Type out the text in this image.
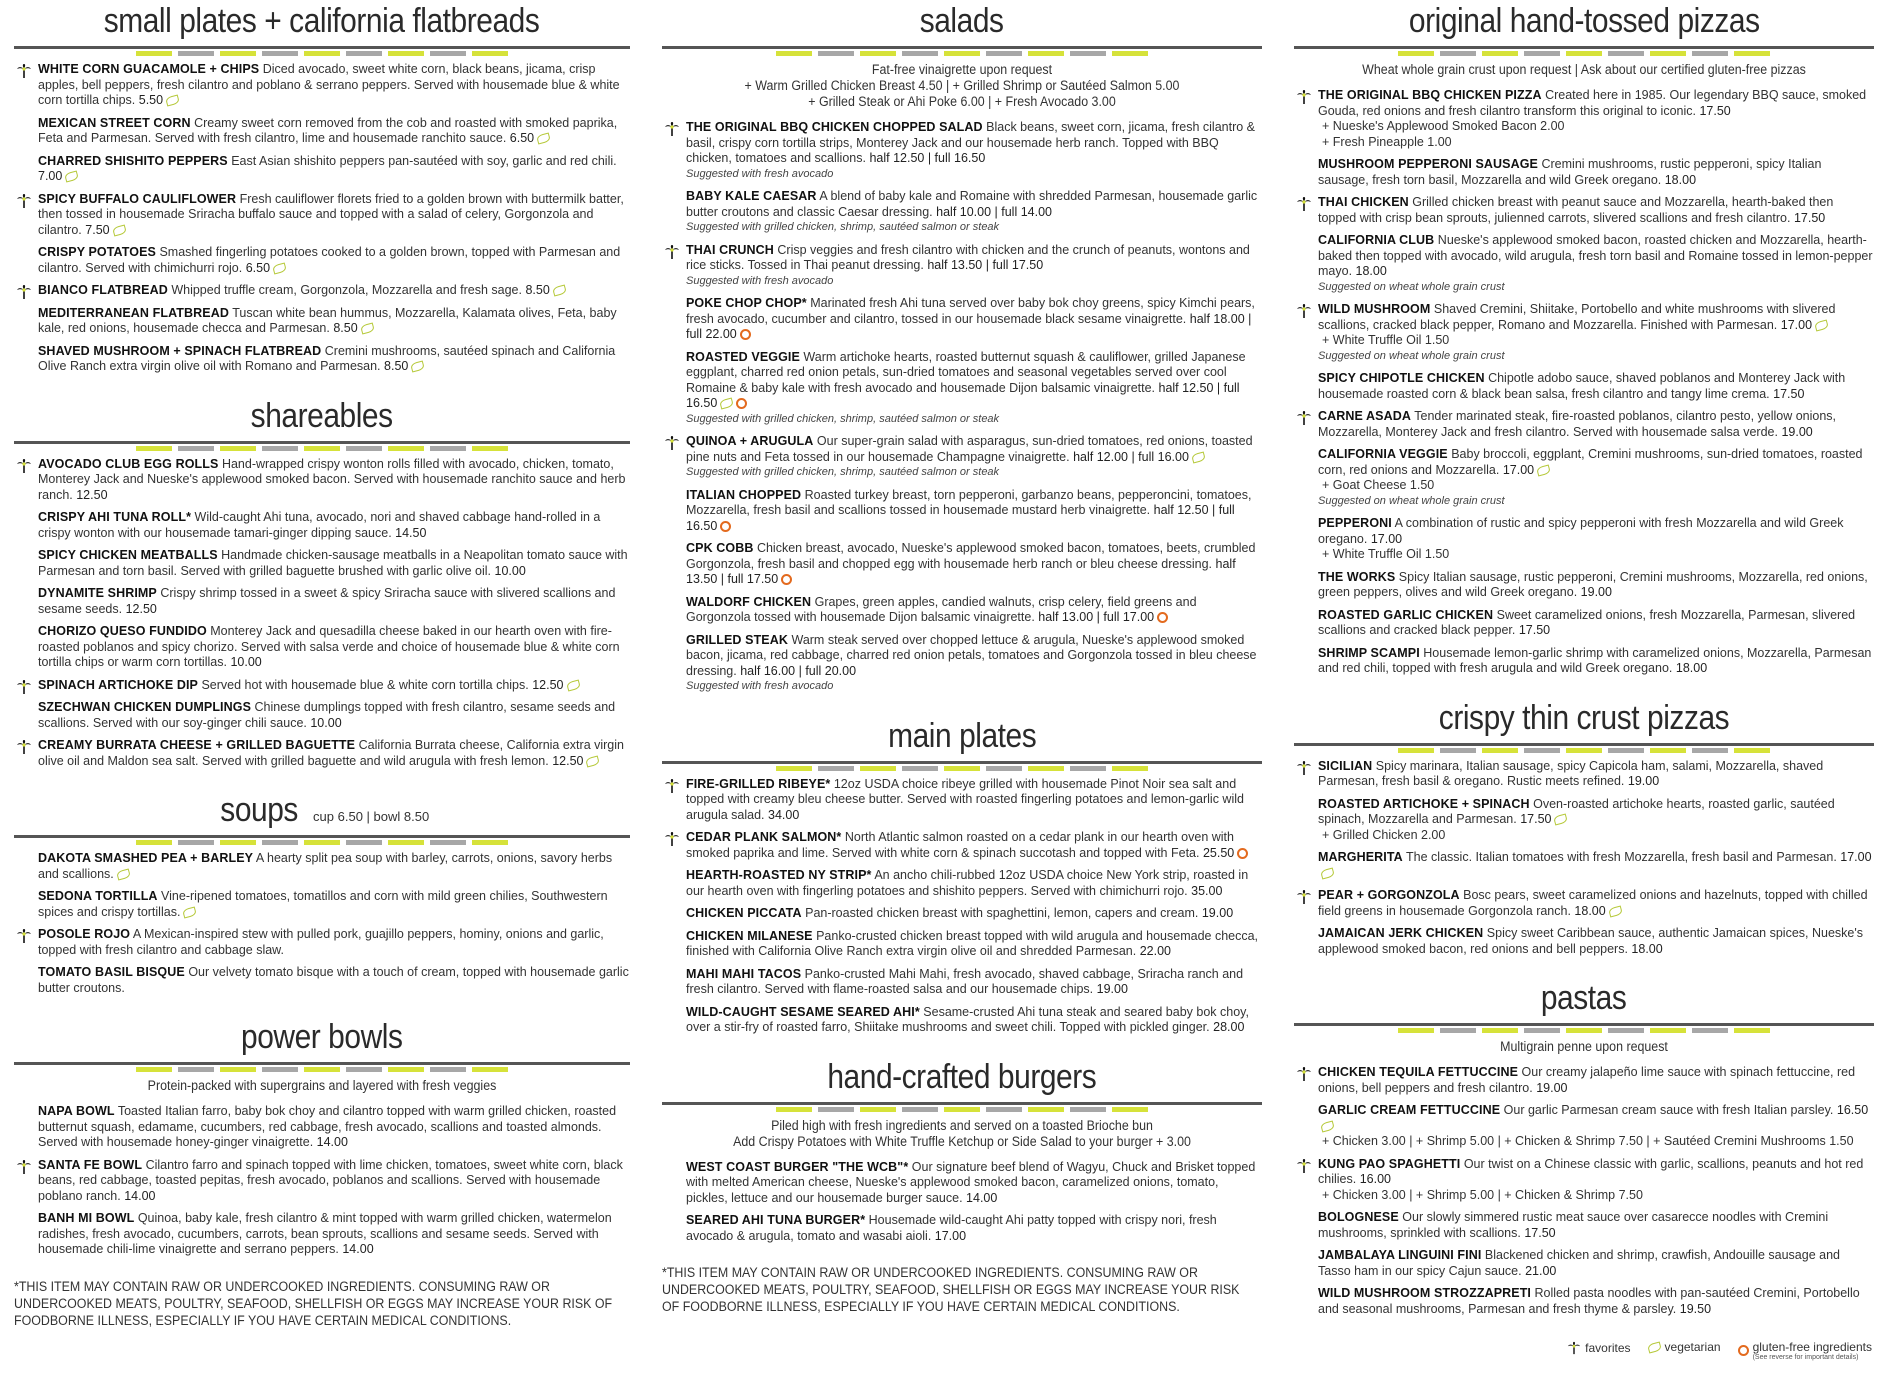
small plates + california flatbreads
WHITE CORN GUACAMOLE + CHIPS Diced avocado, sweet white corn, black beans, jicama, crisp apples, bell peppers, fresh cilantro and poblano & serrano peppers. Served with housemade blue & white corn tortilla chips. 5.50
MEXICAN STREET CORN Creamy sweet corn removed from the cob and roasted with smoked paprika, Feta and Parmesan. Served with fresh cilantro, lime and housemade ranchito sauce. 6.50
CHARRED SHISHITO PEPPERS East Asian shishito peppers pan-sautéed with soy, garlic and red chili. 7.00
SPICY BUFFALO CAULIFLOWER Fresh cauliflower florets fried to a golden brown with buttermilk batter, then tossed in housemade Sriracha buffalo sauce and topped with a salad of celery, Gorgonzola and cilantro. 7.50
CRISPY POTATOES Smashed fingerling potatoes cooked to a golden brown, topped with Parmesan and cilantro. Served with chimichurri rojo. 6.50
BIANCO FLATBREAD Whipped truffle cream, Gorgonzola, Mozzarella and fresh sage. 8.50
MEDITERRANEAN FLATBREAD Tuscan white bean hummus, Mozzarella, Kalamata olives, Feta, baby kale, red onions, housemade checca and Parmesan. 8.50
SHAVED MUSHROOM + SPINACH FLATBREAD Cremini mushrooms, sautéed spinach and California Olive Ranch extra virgin olive oil with Romano and Parmesan. 8.50
shareables
AVOCADO CLUB EGG ROLLS Hand-wrapped crispy wonton rolls filled with avocado, chicken, tomato, Monterey Jack and Nueske's applewood smoked bacon. Served with housemade ranchito sauce and herb ranch. 12.50
CRISPY AHI TUNA ROLL* Wild-caught Ahi tuna, avocado, nori and shaved cabbage hand-rolled in a crispy wonton with our housemade tamari-ginger dipping sauce. 14.50
SPICY CHICKEN MEATBALLS Handmade chicken-sausage meatballs in a Neapolitan tomato sauce with Parmesan and torn basil. Served with grilled baguette brushed with garlic olive oil. 10.00
DYNAMITE SHRIMP Crispy shrimp tossed in a sweet & spicy Sriracha sauce with slivered scallions and sesame seeds. 12.50
CHORIZO QUESO FUNDIDO Monterey Jack and quesadilla cheese baked in our hearth oven with fire-roasted poblanos and spicy chorizo. Served with salsa verde and choice of housemade blue & white corn tortilla chips or warm corn tortillas. 10.00
SPINACH ARTICHOKE DIP Served hot with housemade blue & white corn tortilla chips. 12.50
SZECHWAN CHICKEN DUMPLINGS Chinese dumplings topped with fresh cilantro, sesame seeds and scallions. Served with our soy-ginger chili sauce. 10.00
CREAMY BURRATA CHEESE + GRILLED BAGUETTE California Burrata cheese, California extra virgin olive oil and Maldon sea salt. Served with grilled baguette and wild arugula with fresh lemon. 12.50
soups cup 6.50 | bowl 8.50
DAKOTA SMASHED PEA + BARLEY A hearty split pea soup with barley, carrots, onions, savory herbs and scallions.
SEDONA TORTILLA Vine-ripened tomatoes, tomatillos and corn with mild green chilies, Southwestern spices and crispy tortillas.
POSOLE ROJO A Mexican-inspired stew with pulled pork, guajillo peppers, hominy, onions and garlic, topped with fresh cilantro and cabbage slaw.
TOMATO BASIL BISQUE Our velvety tomato bisque with a touch of cream, topped with housemade garlic butter croutons.
power bowls
Protein-packed with supergrains and layered with fresh veggies
NAPA BOWL Toasted Italian farro, baby bok choy and cilantro topped with warm grilled chicken, roasted butternut squash, edamame, cucumbers, red cabbage, fresh avocado, scallions and toasted almonds. Served with housemade honey-ginger vinaigrette. 14.00
SANTA FE BOWL Cilantro farro and spinach topped with lime chicken, tomatoes, sweet white corn, black beans, red cabbage, toasted pepitas, fresh avocado, poblanos and scallions. Served with housemade poblano ranch. 14.00
BANH MI BOWL Quinoa, baby kale, fresh cilantro & mint topped with warm grilled chicken, watermelon radishes, fresh avocado, cucumbers, carrots, bean sprouts, scallions and sesame seeds. Served with housemade chili-lime vinaigrette and serrano peppers. 14.00
*THIS ITEM MAY CONTAIN RAW OR UNDERCOOKED INGREDIENTS. CONSUMING RAW OR UNDERCOOKED MEATS, POULTRY, SEAFOOD, SHELLFISH OR EGGS MAY INCREASE YOUR RISK OF FOODBORNE ILLNESS, ESPECIALLY IF YOU HAVE CERTAIN MEDICAL CONDITIONS.
salads
Fat-free vinaigrette upon request
+ Warm Grilled Chicken Breast 4.50 | + Grilled Shrimp or Sautéed Salmon 5.00
+ Grilled Steak or Ahi Poke 6.00 | + Fresh Avocado 3.00
THE ORIGINAL BBQ CHICKEN CHOPPED SALAD Black beans, sweet corn, jicama, fresh cilantro & basil, crispy corn tortilla strips, Monterey Jack and our housemade herb ranch. Topped with BBQ chicken, tomatoes and scallions. half 12.50 | full 16.50
Suggested with fresh avocado
BABY KALE CAESAR A blend of baby kale and Romaine with shredded Parmesan, housemade garlic butter croutons and classic Caesar dressing. half 10.00 | full 14.00
Suggested with grilled chicken, shrimp, sautéed salmon or steak
THAI CRUNCH Crisp veggies and fresh cilantro with chicken and the crunch of peanuts, wontons and rice sticks. Tossed in Thai peanut dressing. half 13.50 | full 17.50
Suggested with fresh avocado
POKE CHOP CHOP* Marinated fresh Ahi tuna served over baby bok choy greens, spicy Kimchi pears, fresh avocado, cucumber and cilantro, tossed in our housemade black sesame vinaigrette. half 18.00 | full 22.00
ROASTED VEGGIE Warm artichoke hearts, roasted butternut squash & cauliflower, grilled Japanese eggplant, charred red onion petals, sun-dried tomatoes and seasonal vegetables served over cool Romaine & baby kale with fresh avocado and housemade Dijon balsamic vinaigrette. half 12.50 | full 16.50
Suggested with grilled chicken, shrimp, sautéed salmon or steak
QUINOA + ARUGULA Our super-grain salad with asparagus, sun-dried tomatoes, red onions, toasted pine nuts and Feta tossed in our housemade Champagne vinaigrette. half 12.00 | full 16.00
Suggested with grilled chicken, shrimp, sautéed salmon or steak
ITALIAN CHOPPED Roasted turkey breast, torn pepperoni, garbanzo beans, pepperoncini, tomatoes, Mozzarella, fresh basil and scallions tossed in housemade mustard herb vinaigrette. half 12.50 | full 16.50
CPK COBB Chicken breast, avocado, Nueske's applewood smoked bacon, tomatoes, beets, crumbled Gorgonzola, fresh basil and chopped egg with housemade herb ranch or bleu cheese dressing. half 13.50 | full 17.50
WALDORF CHICKEN Grapes, green apples, candied walnuts, crisp celery, field greens and Gorgonzola tossed with housemade Dijon balsamic vinaigrette. half 13.00 | full 17.00
GRILLED STEAK Warm steak served over chopped lettuce & arugula, Nueske's applewood smoked bacon, jicama, red cabbage, charred red onion petals, tomatoes and Gorgonzola tossed in bleu cheese dressing. half 16.00 | full 20.00
Suggested with fresh avocado
main plates
FIRE-GRILLED RIBEYE* 12oz USDA choice ribeye grilled with housemade Pinot Noir sea salt and topped with creamy bleu cheese butter. Served with roasted fingerling potatoes and lemon-garlic wild arugula salad. 34.00
CEDAR PLANK SALMON* North Atlantic salmon roasted on a cedar plank in our hearth oven with smoked paprika and lime. Served with white corn & spinach succotash and topped with Feta. 25.50
HEARTH-ROASTED NY STRIP* An ancho chili-rubbed 12oz USDA choice New York strip, roasted in our hearth oven with fingerling potatoes and shishito peppers. Served with chimichurri rojo. 35.00
CHICKEN PICCATA Pan-roasted chicken breast with spaghettini, lemon, capers and cream. 19.00
CHICKEN MILANESE Panko-crusted chicken breast topped with wild arugula and housemade checca, finished with California Olive Ranch extra virgin olive oil and shredded Parmesan. 22.00
MAHI MAHI TACOS Panko-crusted Mahi Mahi, fresh avocado, shaved cabbage, Sriracha ranch and fresh cilantro. Served with flame-roasted salsa and our housemade chips. 19.00
WILD-CAUGHT SESAME SEARED AHI* Sesame-crusted Ahi tuna steak and seared baby bok choy, over a stir-fry of roasted farro, Shiitake mushrooms and sweet chili. Topped with pickled ginger. 28.00
hand-crafted burgers
Piled high with fresh ingredients and served on a toasted Brioche bun
Add Crispy Potatoes with White Truffle Ketchup or Side Salad to your burger + 3.00
WEST COAST BURGER "THE WCB"* Our signature beef blend of Wagyu, Chuck and Brisket topped with melted American cheese, Nueske's applewood smoked bacon, caramelized onions, tomato, pickles, lettuce and our housemade burger sauce. 14.00
SEARED AHI TUNA BURGER* Housemade wild-caught Ahi patty topped with crispy nori, fresh avocado & arugula, tomato and wasabi aioli. 17.00
*THIS ITEM MAY CONTAIN RAW OR UNDERCOOKED INGREDIENTS. CONSUMING RAW OR UNDERCOOKED MEATS, POULTRY, SEAFOOD, SHELLFISH OR EGGS MAY INCREASE YOUR RISK OF FOODBORNE ILLNESS, ESPECIALLY IF YOU HAVE CERTAIN MEDICAL CONDITIONS.
original hand-tossed pizzas
Wheat whole grain crust upon request | Ask about our certified gluten-free pizzas
THE ORIGINAL BBQ CHICKEN PIZZA Created here in 1985. Our legendary BBQ sauce, smoked Gouda, red onions and fresh cilantro transform this original to iconic. 17.50
+ Nueske's Applewood Smoked Bacon 2.00
+ Fresh Pineapple 1.00
MUSHROOM PEPPERONI SAUSAGE Cremini mushrooms, rustic pepperoni, spicy Italian sausage, fresh torn basil, Mozzarella and wild Greek oregano. 18.00
THAI CHICKEN Grilled chicken breast with peanut sauce and Mozzarella, hearth-baked then topped with crisp bean sprouts, julienned carrots, slivered scallions and fresh cilantro. 17.50
CALIFORNIA CLUB Nueske's applewood smoked bacon, roasted chicken and Mozzarella, hearth-baked then topped with avocado, wild arugula, fresh torn basil and Romaine tossed in lemon-pepper mayo. 18.00
Suggested on wheat whole grain crust
WILD MUSHROOM Shaved Cremini, Shiitake, Portobello and white mushrooms with slivered scallions, cracked black pepper, Romano and Mozzarella. Finished with Parmesan. 17.00
+ White Truffle Oil 1.50
Suggested on wheat whole grain crust
SPICY CHIPOTLE CHICKEN Chipotle adobo sauce, shaved poblanos and Monterey Jack with housemade roasted corn & black bean salsa, fresh cilantro and tangy lime crema. 17.50
CARNE ASADA Tender marinated steak, fire-roasted poblanos, cilantro pesto, yellow onions, Mozzarella, Monterey Jack and fresh cilantro. Served with housemade salsa verde. 19.00
CALIFORNIA VEGGIE Baby broccoli, eggplant, Cremini mushrooms, sun-dried tomatoes, roasted corn, red onions and Mozzarella. 17.00
+ Goat Cheese 1.50
Suggested on wheat whole grain crust
PEPPERONI A combination of rustic and spicy pepperoni with fresh Mozzarella and wild Greek oregano. 17.00
+ White Truffle Oil 1.50
THE WORKS Spicy Italian sausage, rustic pepperoni, Cremini mushrooms, Mozzarella, red onions, green peppers, olives and wild Greek oregano. 19.00
ROASTED GARLIC CHICKEN Sweet caramelized onions, fresh Mozzarella, Parmesan, slivered scallions and cracked black pepper. 17.50
SHRIMP SCAMPI Housemade lemon-garlic shrimp with caramelized onions, Mozzarella, Parmesan and red chili, topped with fresh arugula and wild Greek oregano. 18.00
crispy thin crust pizzas
SICILIAN Spicy marinara, Italian sausage, spicy Capicola ham, salami, Mozzarella, shaved Parmesan, fresh basil & oregano. Rustic meets refined. 19.00
ROASTED ARTICHOKE + SPINACH Oven-roasted artichoke hearts, roasted garlic, sautéed spinach, Mozzarella and Parmesan. 17.50
+ Grilled Chicken 2.00
MARGHERITA The classic. Italian tomatoes with fresh Mozzarella, fresh basil and Parmesan. 17.00
PEAR + GORGONZOLA Bosc pears, sweet caramelized onions and hazelnuts, topped with chilled field greens in housemade Gorgonzola ranch. 18.00
JAMAICAN JERK CHICKEN Spicy sweet Caribbean sauce, authentic Jamaican spices, Nueske's applewood smoked bacon, red onions and bell peppers. 18.00
pastas
Multigrain penne upon request
CHICKEN TEQUILA FETTUCCINE Our creamy jalapeño lime sauce with spinach fettuccine, red onions, bell peppers and fresh cilantro. 19.00
GARLIC CREAM FETTUCCINE Our garlic Parmesan cream sauce with fresh Italian parsley. 16.50
+ Chicken 3.00 | + Shrimp 5.00 | + Chicken & Shrimp 7.50 | + Sautéed Cremini Mushrooms 1.50
KUNG PAO SPAGHETTI Our twist on a Chinese classic with garlic, scallions, peanuts and hot red chilies. 16.00
+ Chicken 3.00 | + Shrimp 5.00 | + Chicken & Shrimp 7.50
BOLOGNESE Our slowly simmered rustic meat sauce over casarecce noodles with Cremini mushrooms, sprinkled with scallions. 17.50
JAMBALAYA LINGUINI FINI Blackened chicken and shrimp, crawfish, Andouille sausage and Tasso ham in our spicy Cajun sauce. 21.00
WILD MUSHROOM STROZZAPRETI Rolled pasta noodles with pan-sautéed Cremini, Portobello and seasonal mushrooms, Parmesan and fresh thyme & parsley. 19.50
favorites	vegetarian	gluten-free ingredients
(See reverse for important details)
